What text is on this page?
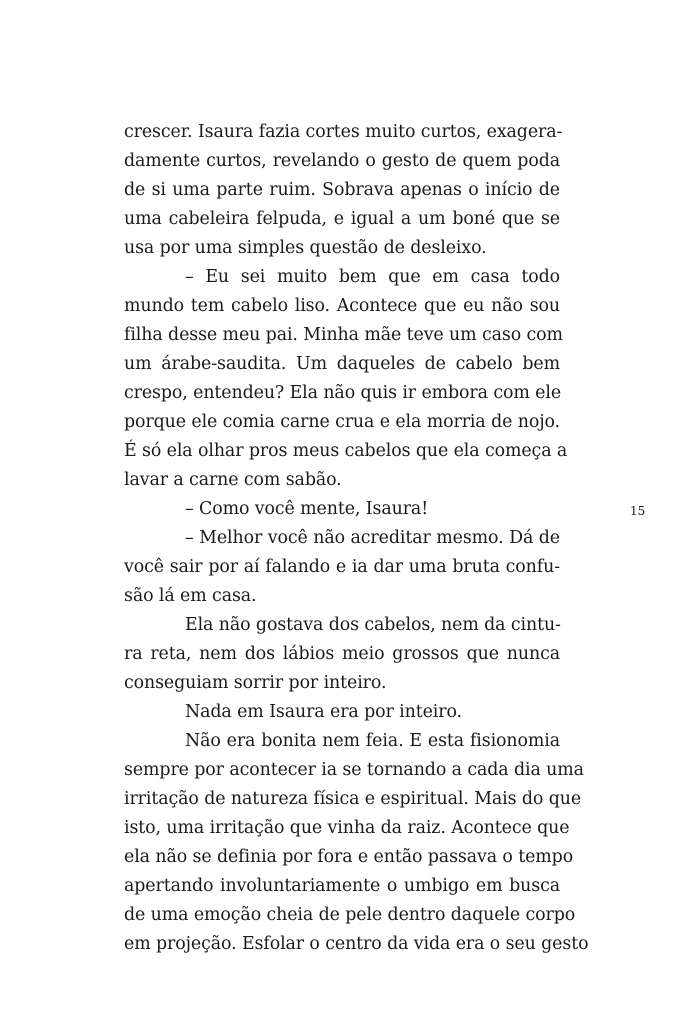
crescer. Isaura fazia cortes muito curtos, exagera-
damente curtos, revelando o gesto de quem poda
de si uma parte ruim. Sobrava apenas o início de
uma cabeleira felpuda, e igual a um boné que se
usa por uma simples questão de desleixo.
– Eu sei muito bem que em casa todo
mundo tem cabelo liso. Acontece que eu não sou
filha desse meu pai. Minha mãe teve um caso com
um árabe-saudita. Um daqueles de cabelo bem
crespo, entendeu? Ela não quis ir embora com ele
porque ele comia carne crua e ela morria de nojo.
É só ela olhar pros meus cabelos que ela começa a
lavar a carne com sabão.
– Como você mente, Isaura!
– Melhor você não acreditar mesmo. Dá de
você sair por aí falando e ia dar uma bruta confu-
são lá em casa.
Ela não gostava dos cabelos, nem da cintu-
ra reta, nem dos lábios meio grossos que nunca
conseguiam sorrir por inteiro.
Nada em Isaura era por inteiro.
Não era bonita nem feia. E esta fisionomia
sempre por acontecer ia se tornando a cada dia uma
irritação de natureza física e espiritual. Mais do que
isto, uma irritação que vinha da raiz. Acontece que
ela não se definia por fora e então passava o tempo
apertando involuntariamente o umbigo em busca
de uma emoção cheia de pele dentro daquele corpo
em projeção. Esfolar o centro da vida era o seu gesto
15
